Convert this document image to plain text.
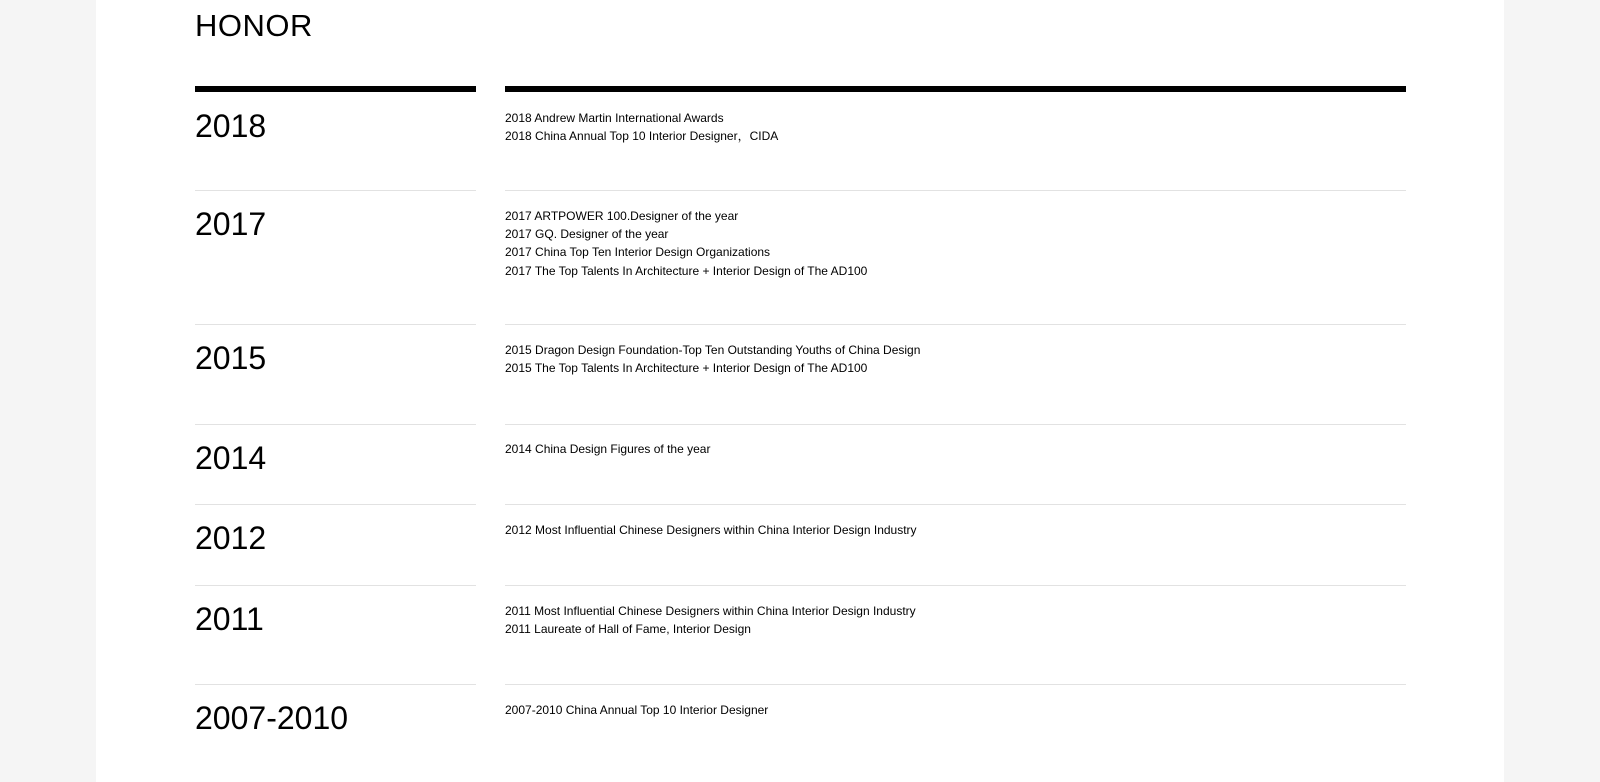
HONOR
2018	2018 Andrew Martin International Awards
2018 China Annual Top 10 Interior Designer，CIDA
2017	2017 ARTPOWER 100.Designer of the year
2017 GQ. Designer of the year
2017 China Top Ten Interior Design Organizations
2017 The Top Talents In Architecture + Interior Design of The AD100
2015	2015 Dragon Design Foundation-Top Ten Outstanding Youths of China Design
2015 The Top Talents In Architecture + Interior Design of The AD100
2014	2014 China Design Figures of the year
2012	2012 Most Influential Chinese Designers within China Interior Design Industry
2011	2011 Most Influential Chinese Designers within China Interior Design Industry
2011 Laureate of Hall of Fame, Interior Design
2007-2010	2007-2010 China Annual Top 10 Interior Designer
